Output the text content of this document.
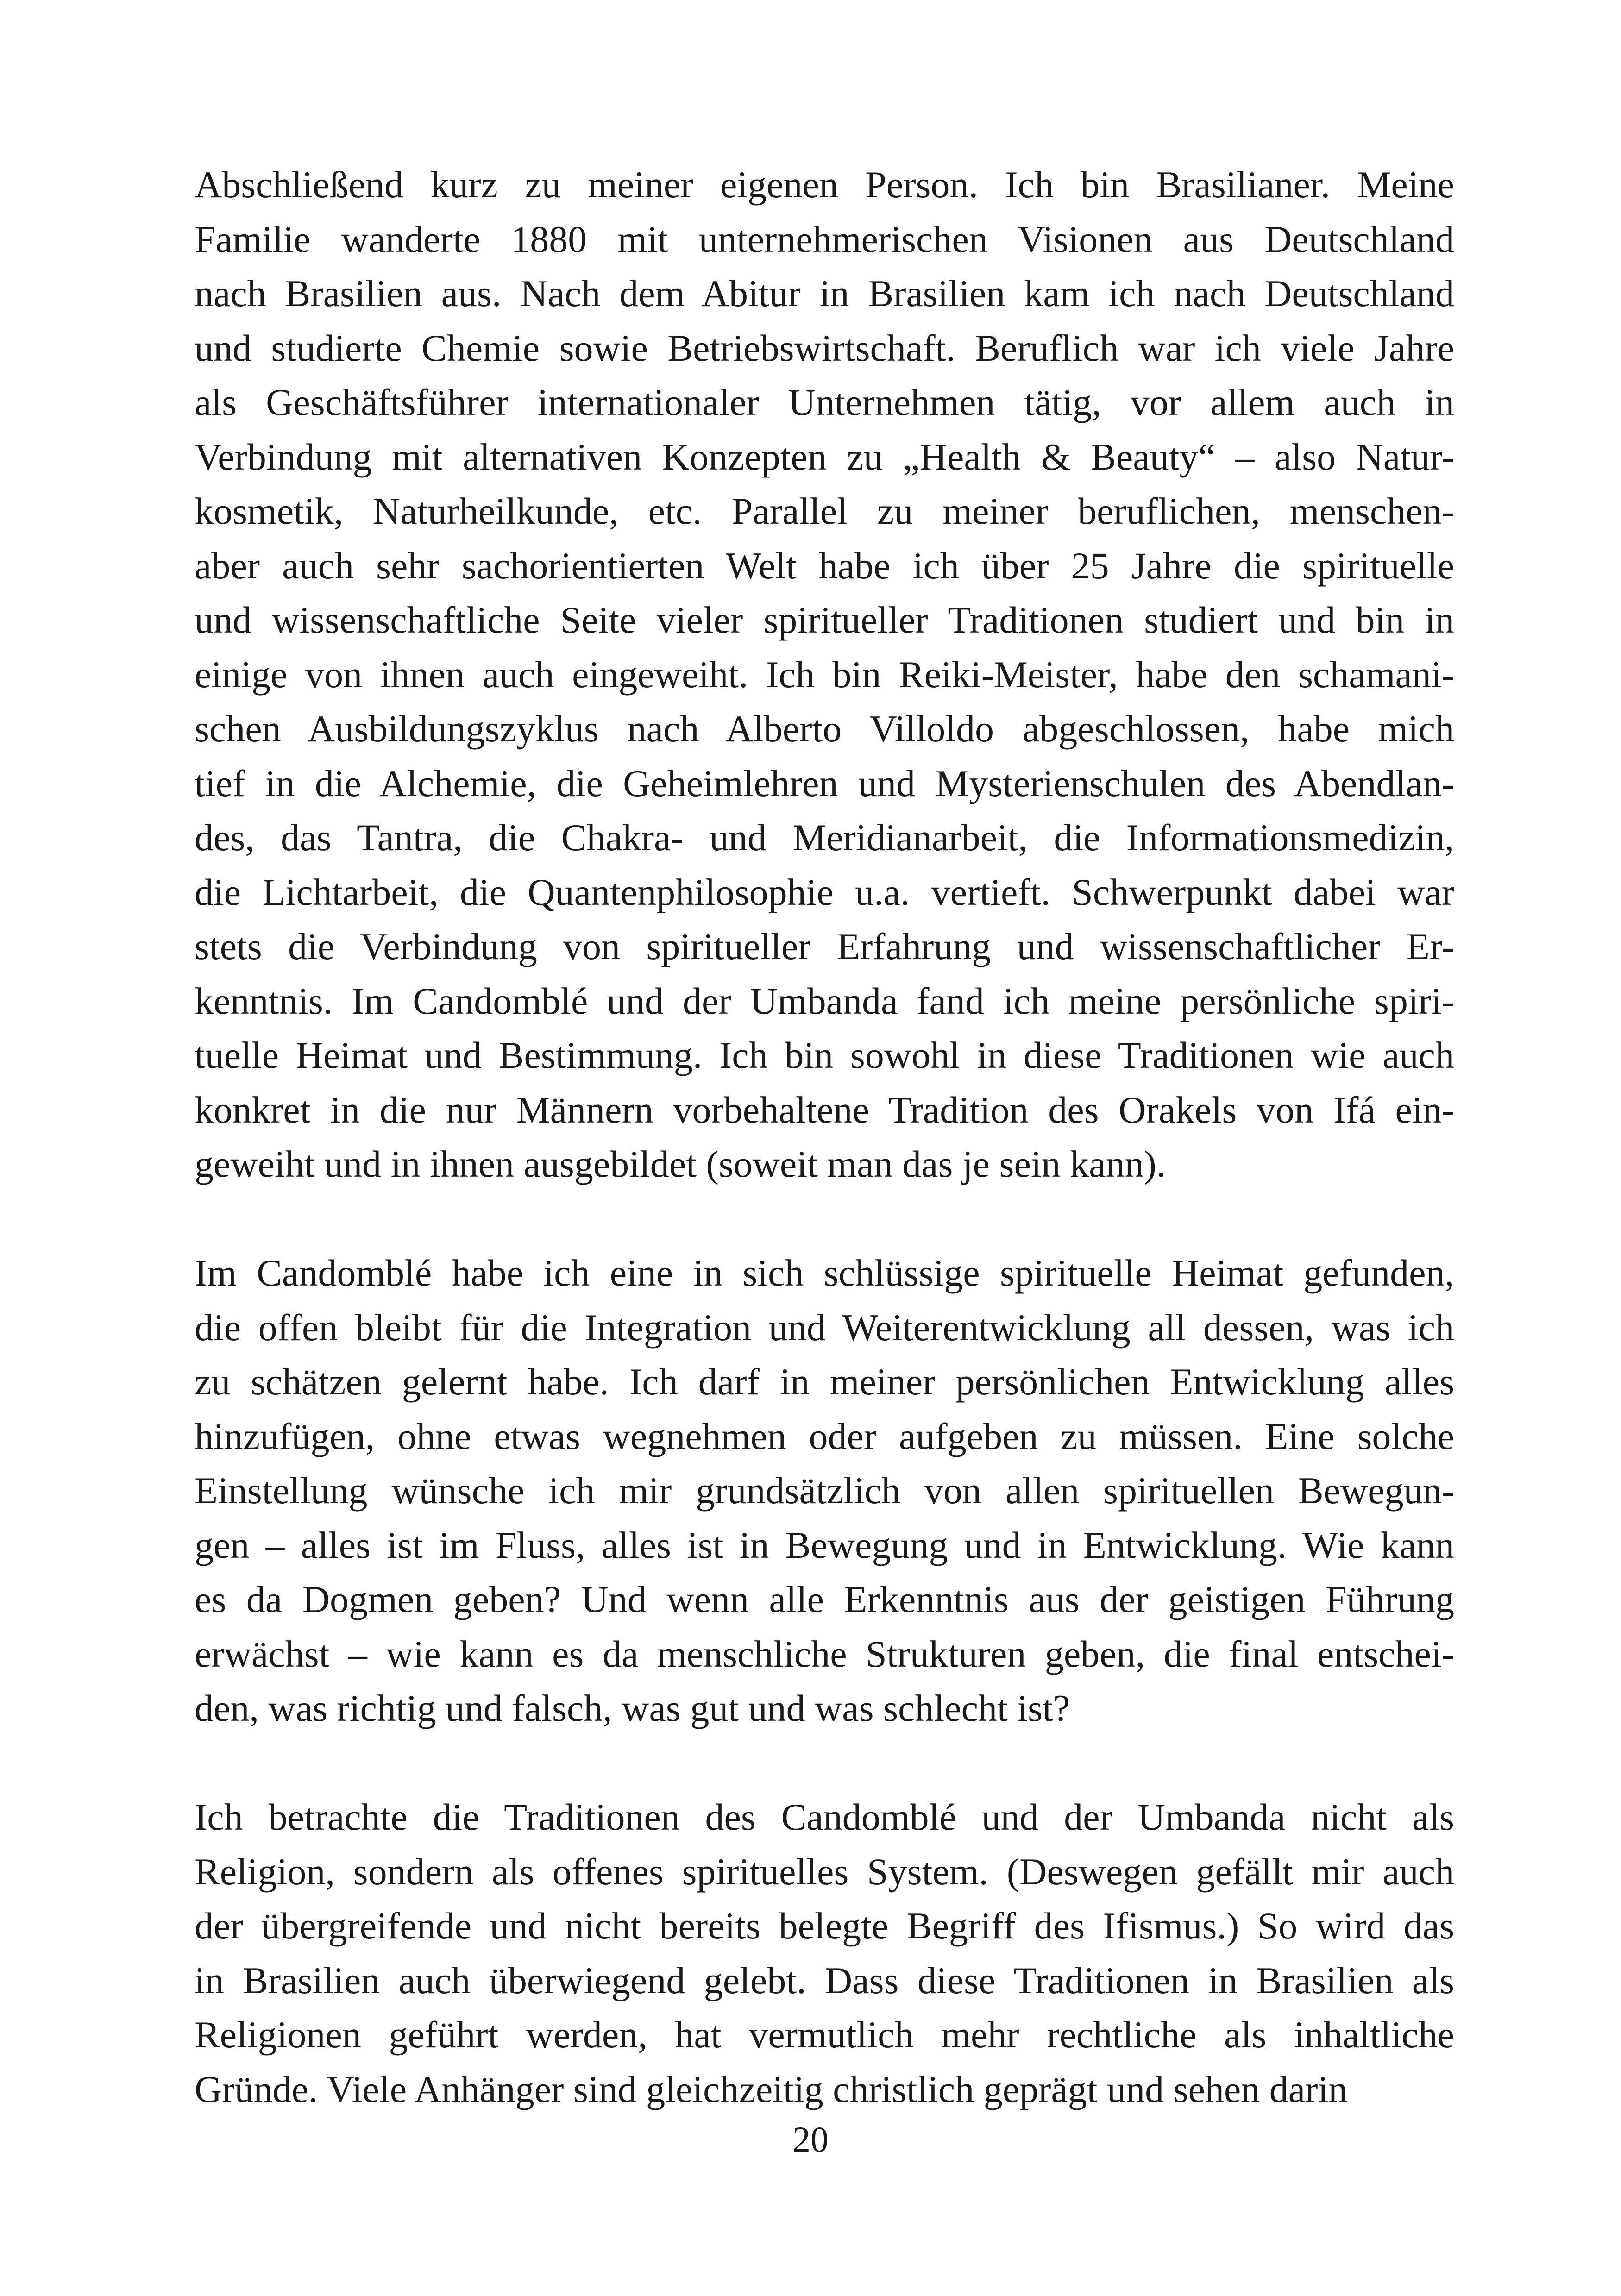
Abschließend kurz zu meiner eigenen Person. Ich bin Brasilianer. Meine
Familie wanderte 1880 mit unternehmerischen Visionen aus Deutschland
nach Brasilien aus. Nach dem Abitur in Brasilien kam ich nach Deutschland
und studierte Chemie sowie Betriebswirtschaft. Beruflich war ich viele Jahre
als Geschäftsführer internationaler Unternehmen tätig, vor allem auch in
Verbindung mit alternativen Konzepten zu „Health & Beauty“ – also Natur-
kosmetik, Naturheilkunde, etc. Parallel zu meiner beruflichen, menschen-
aber auch sehr sachorientierten Welt habe ich über 25 Jahre die spirituelle
und wissenschaftliche Seite vieler spiritueller Traditionen studiert und bin in
einige von ihnen auch eingeweiht. Ich bin Reiki-Meister, habe den schamani-
schen Ausbildungszyklus nach Alberto Villoldo abgeschlossen, habe mich
tief in die Alchemie, die Geheimlehren und Mysterienschulen des Abendlan-
des, das Tantra, die Chakra- und Meridianarbeit, die Informationsmedizin,
die Lichtarbeit, die Quantenphilosophie u.a. vertieft. Schwerpunkt dabei war
stets die Verbindung von spiritueller Erfahrung und wissenschaftlicher Er-
kenntnis. Im Candomblé und der Umbanda fand ich meine persönliche spiri-
tuelle Heimat und Bestimmung. Ich bin sowohl in diese Traditionen wie auch
konkret in die nur Männern vorbehaltene Tradition des Orakels von Ifá ein-
geweiht und in ihnen ausgebildet (soweit man das je sein kann).
Im Candomblé habe ich eine in sich schlüssige spirituelle Heimat gefunden,
die offen bleibt für die Integration und Weiterentwicklung all dessen, was ich
zu schätzen gelernt habe. Ich darf in meiner persönlichen Entwicklung alles
hinzufügen, ohne etwas wegnehmen oder aufgeben zu müssen. Eine solche
Einstellung wünsche ich mir grundsätzlich von allen spirituellen Bewegun-
gen – alles ist im Fluss, alles ist in Bewegung und in Entwicklung. Wie kann
es da Dogmen geben? Und wenn alle Erkenntnis aus der geistigen Führung
erwächst – wie kann es da menschliche Strukturen geben, die final entschei-
den, was richtig und falsch, was gut und was schlecht ist?
Ich betrachte die Traditionen des Candomblé und der Umbanda nicht als
Religion, sondern als offenes spirituelles System. (Deswegen gefällt mir auch
der übergreifende und nicht bereits belegte Begriff des Ifismus.) So wird das
in Brasilien auch überwiegend gelebt. Dass diese Traditionen in Brasilien als
Religionen geführt werden, hat vermutlich mehr rechtliche als inhaltliche
Gründe. Viele Anhänger sind gleichzeitig christlich geprägt und sehen darin
20
